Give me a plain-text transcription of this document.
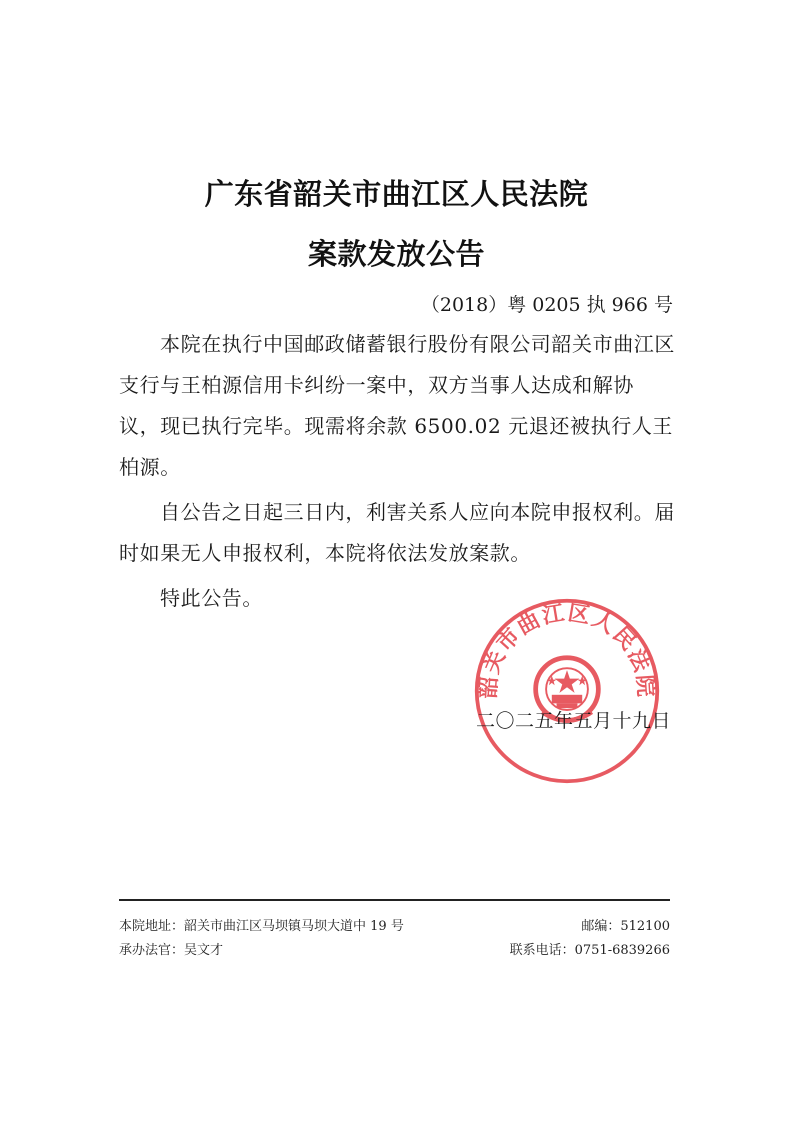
广东省韶关市曲江区人民法院
案款发放公告
（2018）粤 0205 执 966 号

本院在执行中国邮政储蓄银行股份有限公司韶关市曲江区支行与王柏源信用卡纠纷一案中，双方当事人达成和解协议，现已执行完毕。现需将余款 6500.02 元退还被执行人王柏源。

自公告之日起三日内，利害关系人应向本院申报权利。届时如果无人申报权利，本院将依法发放案款。

特此公告。

韶关市曲江区人民法院
二〇二五年五月十九日
本院地址：韶关市曲江区马坝镇马坝大道中 19 号	邮编：512100
承办法官：吴文才	联系电话：0751-6839266
